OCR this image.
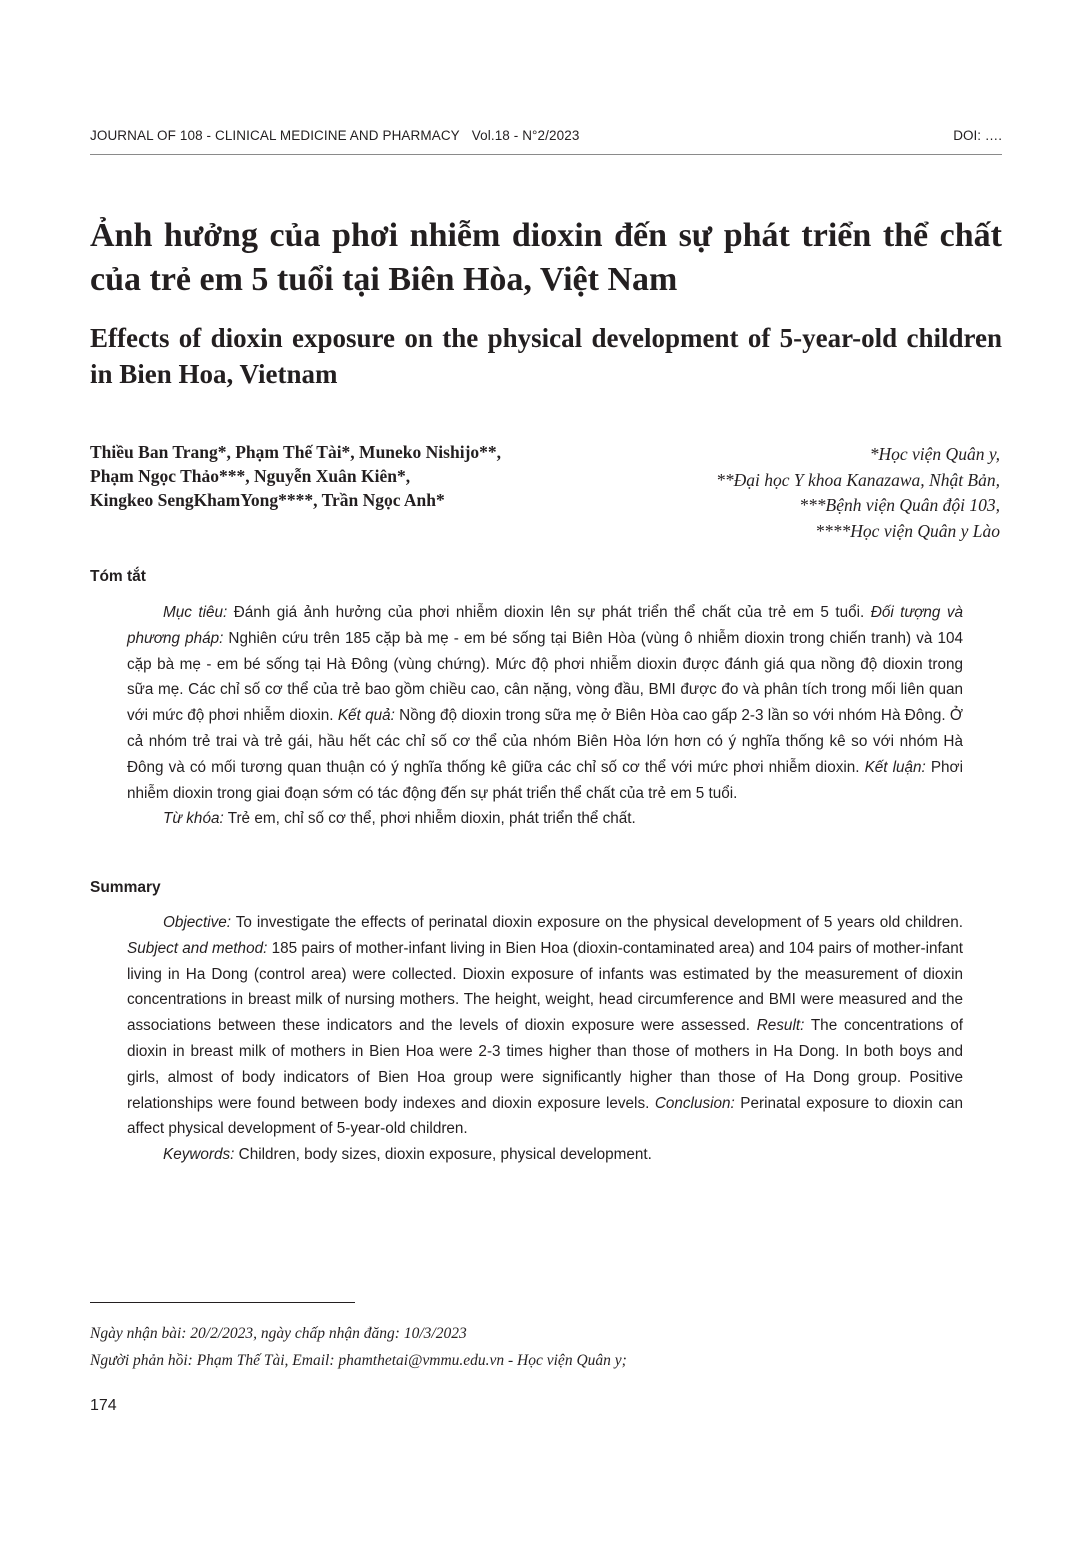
JOURNAL OF 108 - CLINICAL MEDICINE AND PHARMACY Vol.18 - N°2/2023	DOI: ….
Ảnh hưởng của phơi nhiễm dioxin đến sự phát triển thể chất của trẻ em 5 tuổi tại Biên Hòa, Việt Nam
Effects of dioxin exposure on the physical development of 5-year-old children in Bien Hoa, Vietnam
Thiều Ban Trang*, Phạm Thế Tài*, Muneko Nishijo**,
Phạm Ngọc Thảo***, Nguyễn Xuân Kiên*,
Kingkeo SengKhamYong****, Trần Ngọc Anh*
*Học viện Quân y,
**Đại học Y khoa Kanazawa, Nhật Bản,
***Bệnh viện Quân đội 103,
****Học viện Quân y Lào
Tóm tắt

Mục tiêu: Đánh giá ảnh hưởng của phơi nhiễm dioxin lên sự phát triển thể chất của trẻ em 5 tuổi. Đối tượng và phương pháp: Nghiên cứu trên 185 cặp bà mẹ - em bé sống tại Biên Hòa (vùng ô nhiễm dioxin trong chiến tranh) và 104 cặp bà mẹ - em bé sống tại Hà Đông (vùng chứng). Mức độ phơi nhiễm dioxin được đánh giá qua nồng độ dioxin trong sữa mẹ. Các chỉ số cơ thể của trẻ bao gồm chiều cao, cân nặng, vòng đầu, BMI được đo và phân tích trong mối liên quan với mức độ phơi nhiễm dioxin. Kết quả: Nồng độ dioxin trong sữa mẹ ở Biên Hòa cao gấp 2-3 lần so với nhóm Hà Đông. Ở cả nhóm trẻ trai và trẻ gái, hầu hết các chỉ số cơ thể của nhóm Biên Hòa lớn hơn có ý nghĩa thống kê so với nhóm Hà Đông và có mối tương quan thuận có ý nghĩa thống kê giữa các chỉ số cơ thể với mức phơi nhiễm dioxin. Kết luận: Phơi nhiễm dioxin trong giai đoạn sớm có tác động đến sự phát triển thể chất của trẻ em 5 tuổi.

Từ khóa: Trẻ em, chỉ số cơ thể, phơi nhiễm dioxin, phát triển thể chất.

Summary

Objective: To investigate the effects of perinatal dioxin exposure on the physical development of 5 years old children. Subject and method: 185 pairs of mother-infant living in Bien Hoa (dioxin-contaminated area) and 104 pairs of mother-infant living in Ha Dong (control area) were collected. Dioxin exposure of infants was estimated by the measurement of dioxin concentrations in breast milk of nursing mothers. The height, weight, head circumference and BMI were measured and the associations between these indicators and the levels of dioxin exposure were assessed. Result: The concentrations of dioxin in breast milk of mothers in Bien Hoa were 2-3 times higher than those of mothers in Ha Dong. In both boys and girls, almost of body indicators of Bien Hoa group were significantly higher than those of Ha Dong group. Positive relationships were found between body indexes and dioxin exposure levels. Conclusion: Perinatal exposure to dioxin can affect physical development of 5-year-old children.

Keywords: Children, body sizes, dioxin exposure, physical development.

Ngày nhận bài: 20/2/2023, ngày chấp nhận đăng: 10/3/2023
Người phản hồi: Phạm Thế Tài, Email: phamthetai@vmmu.edu.vn - Học viện Quân y;
174
